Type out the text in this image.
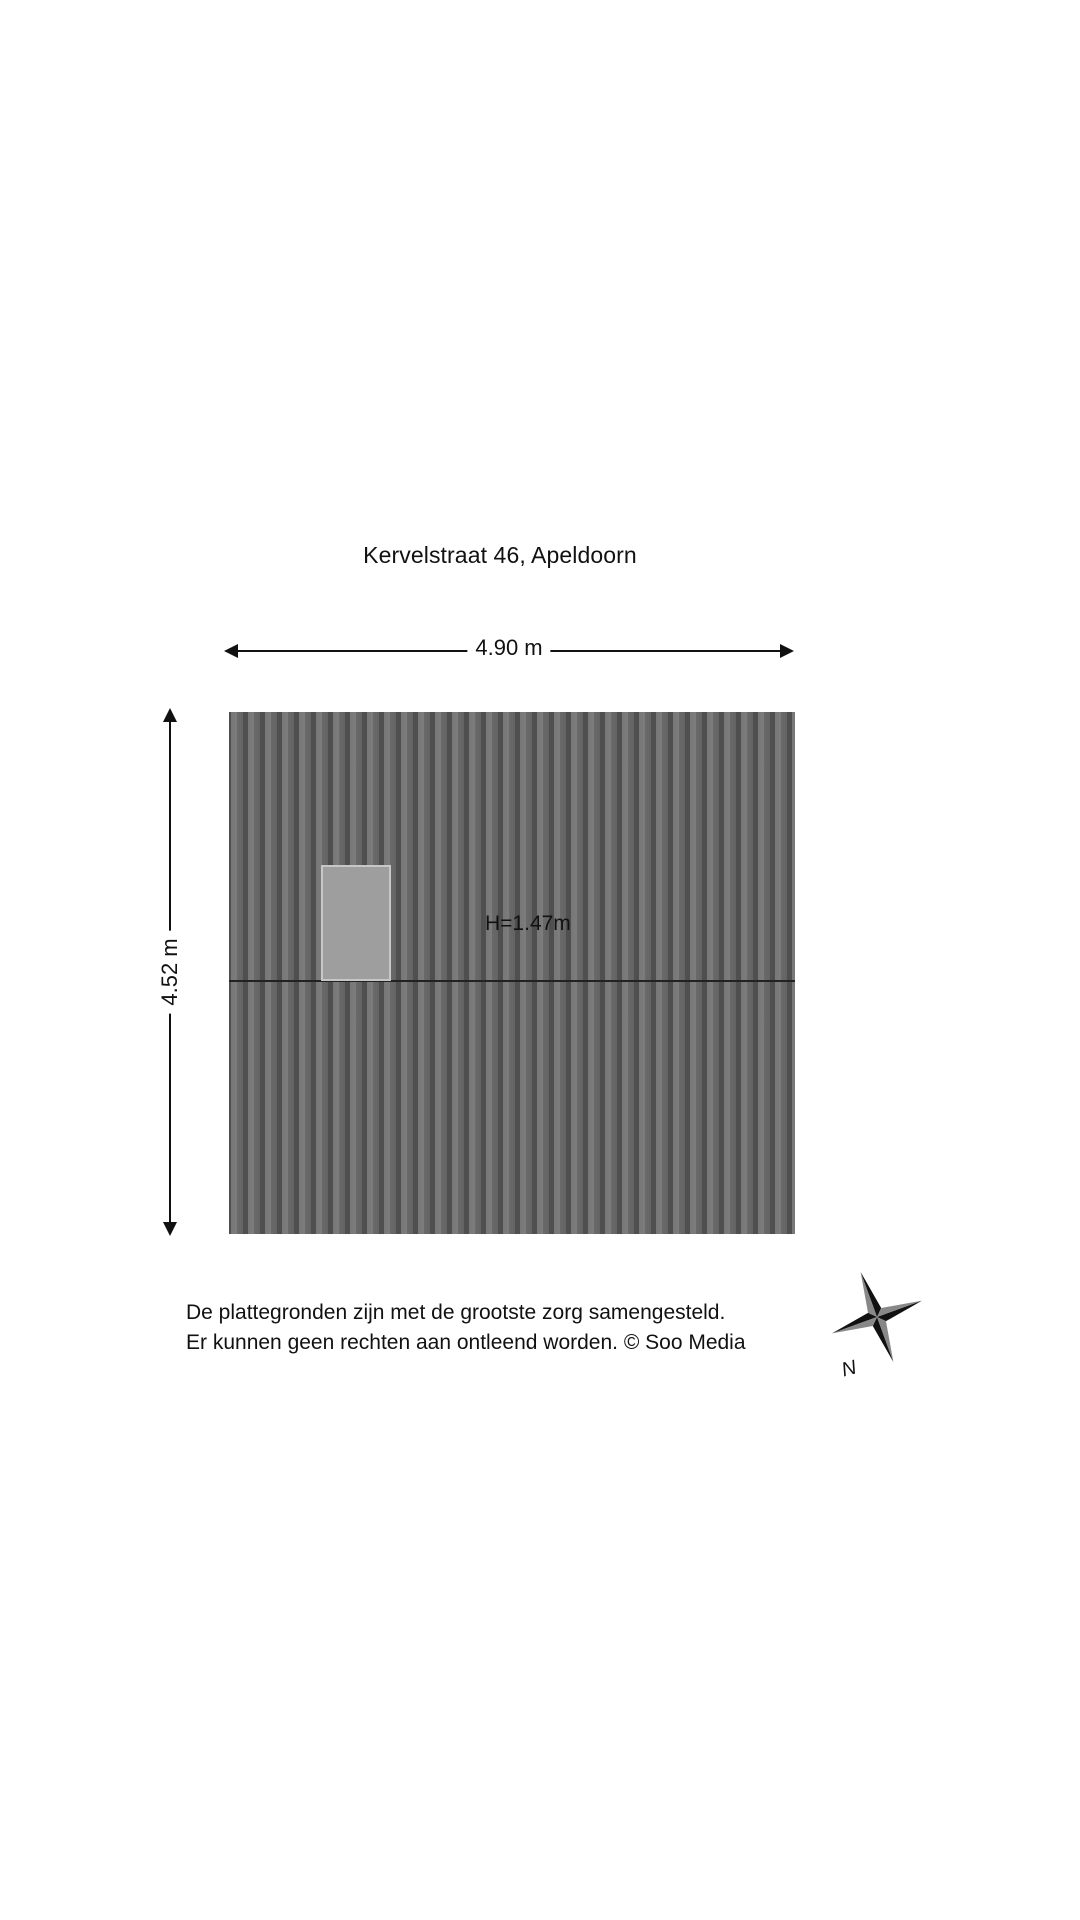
Kervelstraat 46, Apeldoorn
4.90 m
4.52 m
H=1.47m
De plattegronden zijn met de grootste zorg samengesteld.
Er kunnen geen rechten aan ontleend worden. © Soo Media
N
